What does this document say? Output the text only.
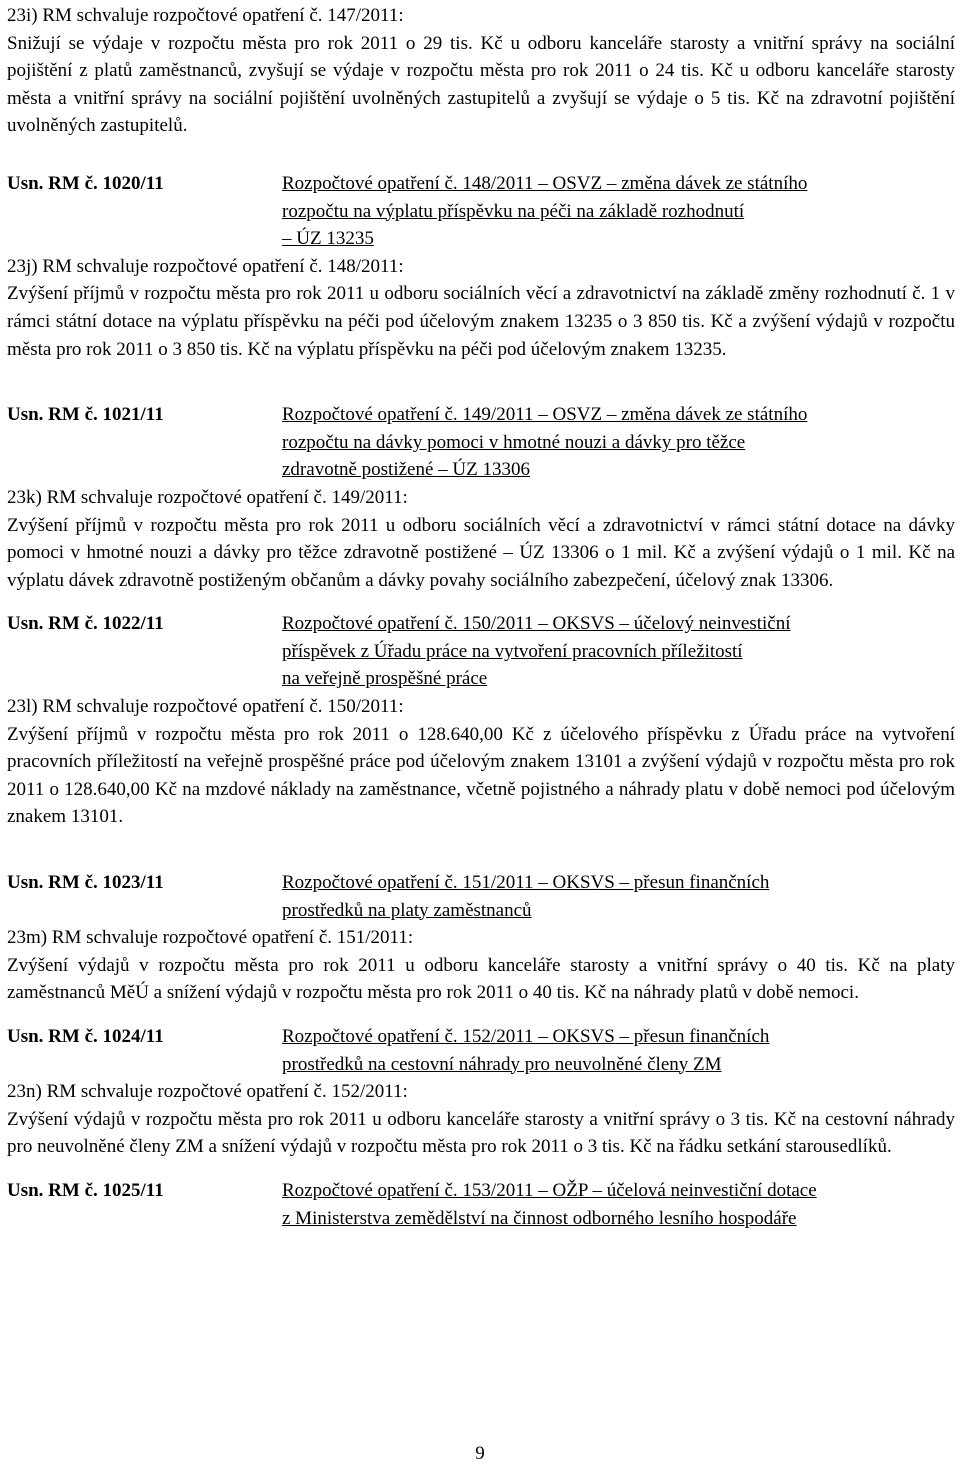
23i) RM schvaluje rozpočtové opatření č. 147/2011:

Snižují se výdaje v rozpočtu města pro rok 2011 o 29 tis. Kč u odboru kanceláře starosty a vnitřní správy na sociální pojištění z platů zaměstnanců, zvyšují se výdaje v rozpočtu města pro rok 2011 o 24 tis. Kč u odboru kanceláře starosty města a vnitřní správy na sociální pojištění uvolněných zastupitelů a zvyšují se výdaje o 5 tis. Kč na zdravotní pojištění uvolněných zastupitelů.

Usn. RM č. 1020/11	Rozpočtové opatření č. 148/2011 – OSVZ – změna dávek ze státního
rozpočtu na výplatu příspěvku na péči na základě rozhodnutí
– ÚZ 13235

23j) RM schvaluje rozpočtové opatření č. 148/2011:

Zvýšení příjmů v rozpočtu města pro rok 2011 u odboru sociálních věcí a zdravotnictví na základě změny rozhodnutí č. 1 v rámci státní dotace na výplatu příspěvku na péči pod účelovým znakem 13235 o 3 850 tis. Kč a zvýšení výdajů v rozpočtu města pro rok 2011 o 3 850 tis. Kč na výplatu příspěvku na péči pod účelovým znakem 13235.

Usn. RM č. 1021/11	Rozpočtové opatření č. 149/2011 – OSVZ – změna dávek ze státního
rozpočtu na dávky pomoci v hmotné nouzi a dávky pro těžce
zdravotně postižené – ÚZ 13306

23k) RM schvaluje rozpočtové opatření č. 149/2011:

Zvýšení příjmů v rozpočtu města pro rok 2011 u odboru sociálních věcí a zdravotnictví v rámci státní dotace na dávky pomoci v hmotné nouzi a dávky pro těžce zdravotně postižené – ÚZ 13306 o 1 mil. Kč a zvýšení výdajů o 1 mil. Kč na výplatu dávek zdravotně postiženým občanům a dávky povahy sociálního zabezpečení, účelový znak 13306.

Usn. RM č. 1022/11	Rozpočtové opatření č. 150/2011 – OKSVS – účelový neinvestiční
příspěvek z Úřadu práce na vytvoření pracovních příležitostí
na veřejně prospěšné práce

23l) RM schvaluje rozpočtové opatření č. 150/2011:

Zvýšení příjmů v rozpočtu města pro rok 2011 o 128.640,00 Kč z účelového příspěvku z Úřadu práce na vytvoření pracovních příležitostí na veřejně prospěšné práce pod účelovým znakem 13101 a zvýšení výdajů v rozpočtu města pro rok 2011 o 128.640,00 Kč na mzdové náklady na zaměstnance, včetně pojistného a náhrady platu v době nemoci pod účelovým znakem 13101.

Usn. RM č. 1023/11	Rozpočtové opatření č. 151/2011 – OKSVS – přesun finančních
prostředků na platy zaměstnanců

23m) RM schvaluje rozpočtové opatření č. 151/2011:

Zvýšení výdajů v rozpočtu města pro rok 2011 u odboru kanceláře starosty a vnitřní správy o 40 tis. Kč na platy zaměstnanců MěÚ a snížení výdajů v rozpočtu města pro rok 2011 o 40 tis. Kč na náhrady platů v době nemoci.

Usn. RM č. 1024/11	Rozpočtové opatření č. 152/2011 – OKSVS – přesun finančních
prostředků na cestovní náhrady pro neuvolněné členy ZM

23n) RM schvaluje rozpočtové opatření č. 152/2011:

Zvýšení výdajů v rozpočtu města pro rok 2011 u odboru kanceláře starosty a vnitřní správy o 3 tis. Kč na cestovní náhrady pro neuvolněné členy ZM a snížení výdajů v rozpočtu města pro rok 2011 o 3 tis. Kč na řádku setkání starousedlíků.

Usn. RM č. 1025/11	Rozpočtové opatření č. 153/2011 – OŽP – účelová neinvestiční dotace
z Ministerstva zemědělství na činnost odborného lesního hospodáře
9
